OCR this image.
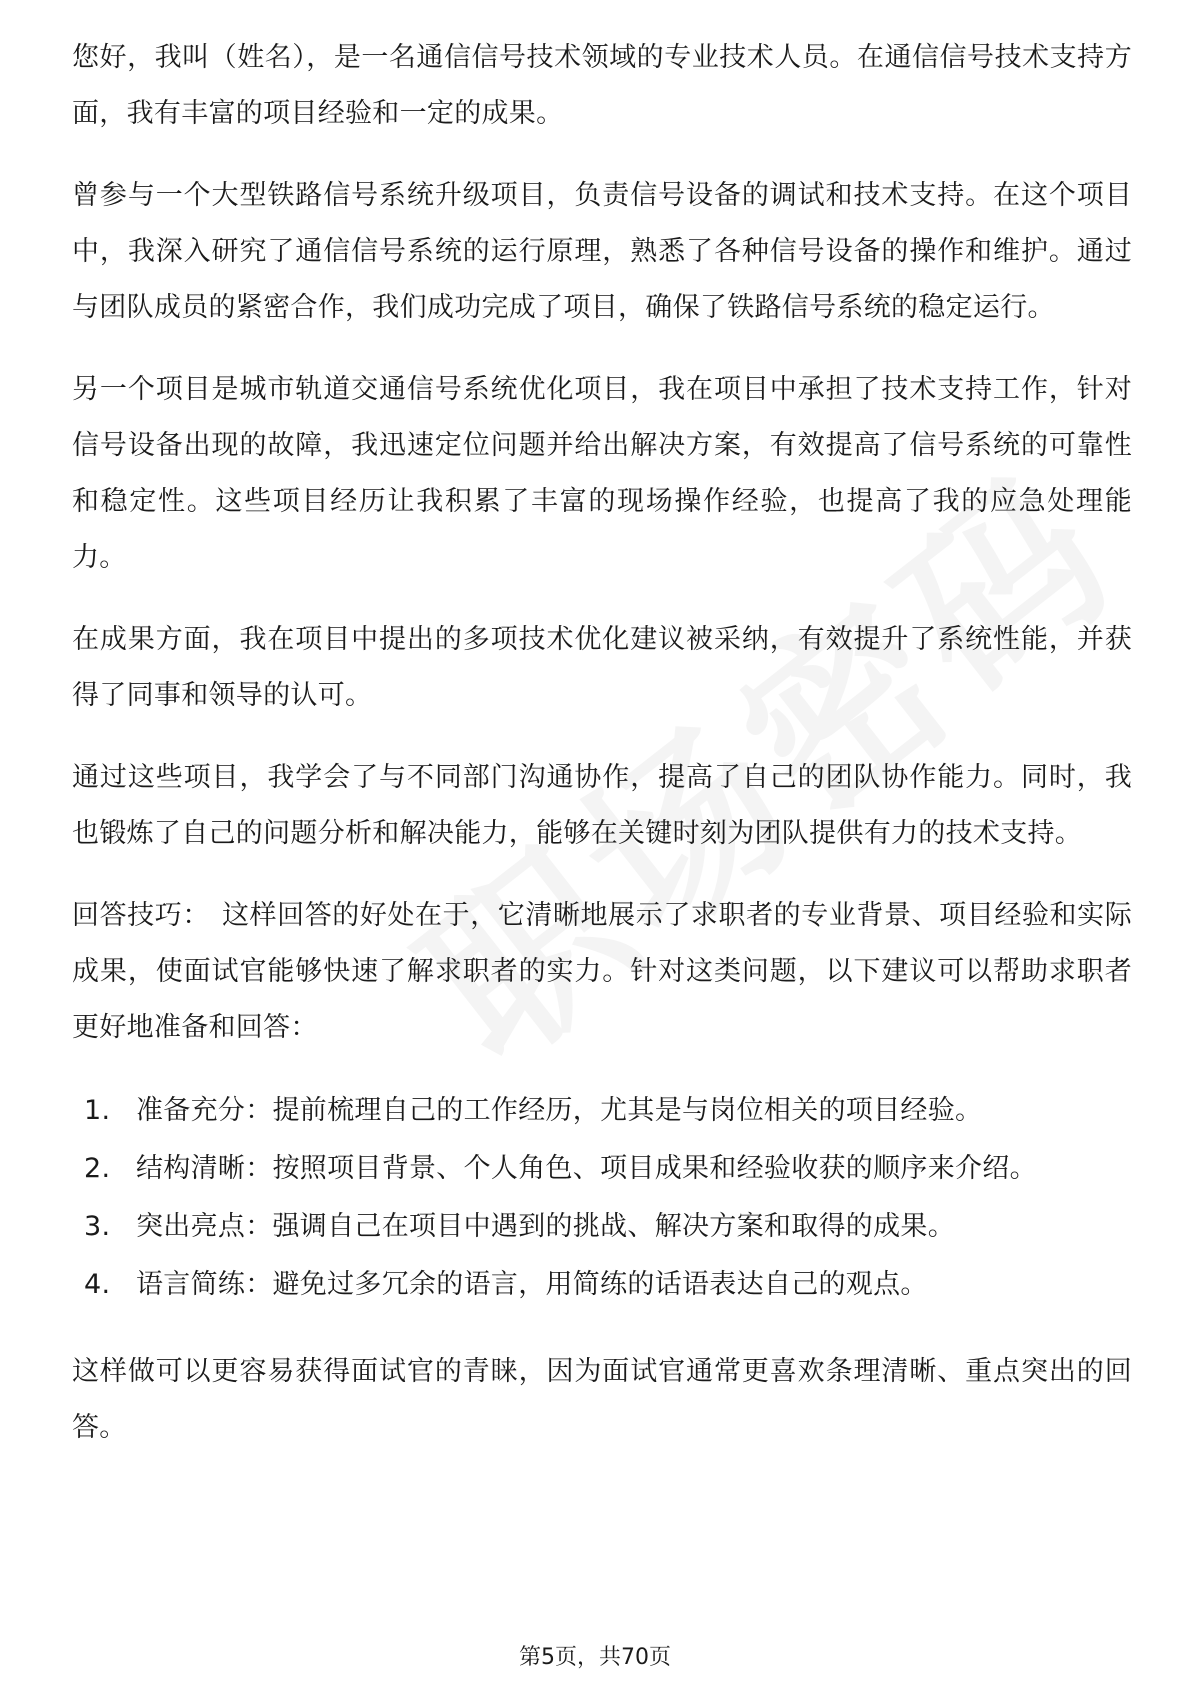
您好，我叫（姓名），是一名通信信号技术领域的专业技术人员。在通信信号技术支持方面，我有丰富的项目经验和一定的成果。

曾参与一个大型铁路信号系统升级项目，负责信号设备的调试和技术支持。在这个项目中，我深入研究了通信信号系统的运行原理，熟悉了各种信号设备的操作和维护。通过与团队成员的紧密合作，我们成功完成了项目，确保了铁路信号系统的稳定运行。

另一个项目是城市轨道交通信号系统优化项目，我在项目中承担了技术支持工作，针对信号设备出现的故障，我迅速定位问题并给出解决方案，有效提高了信号系统的可靠性和稳定性。这些项目经历让我积累了丰富的现场操作经验，也提高了我的应急处理能力。

在成果方面，我在项目中提出的多项技术优化建议被采纳，有效提升了系统性能，并获得了同事和领导的认可。

通过这些项目，我学会了与不同部门沟通协作，提高了自己的团队协作能力。同时，我也锻炼了自己的问题分析和解决能力，能够在关键时刻为团队提供有力的技术支持。

回答技巧： 这样回答的好处在于，它清晰地展示了求职者的专业背景、项目经验和实际成果，使面试官能够快速了解求职者的实力。针对这类问题，以下建议可以帮助求职者更好地准备和回答：

1. 准备充分：提前梳理自己的工作经历，尤其是与岗位相关的项目经验。
2. 结构清晰：按照项目背景、个人角色、项目成果和经验收获的顺序来介绍。
3. 突出亮点：强调自己在项目中遇到的挑战、解决方案和取得的成果。
4. 语言简练：避免过多冗余的语言，用简练的话语表达自己的观点。

这样做可以更容易获得面试官的青睐，因为面试官通常更喜欢条理清晰、重点突出的回答。

第5页，共70页
